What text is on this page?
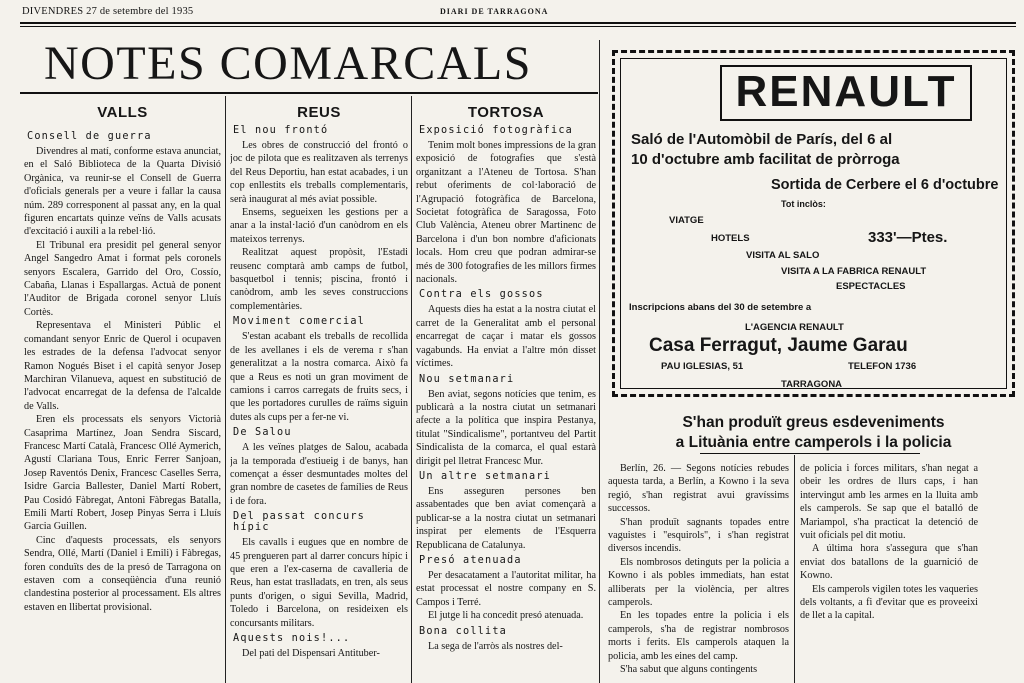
DIVENDRES 27 de setembre del 1935	DIARI DE TARRAGONA
NOTES COMARCALS
VALLS
Consell de guerra

Divendres al matí, conforme estava anunciat, en el Saló Biblioteca de la Quarta Divisió Orgànica, va reunir-se el Consell de Guerra d'oficials generals per a veure i fallar la causa núm. 289 corresponent al passat any, en la qual figuren encartats quinze veïns de Valls acusats d'excitació i auxili a la rebel·lió.

El Tribunal era presidit pel general senyor Angel Sangedro Amat i format pels coronels senyors Escalera, Garrido del Oro, Cossío, Cabaña, Llanas i Espallargas. Actuà de ponent l'Auditor de Brigada coronel senyor Lluís Cortès.

Representava el Ministeri Públic el comandant senyor Enric de Querol i ocupaven les estrades de la defensa l'advocat senyor Ramon Nogués Biset i el capità senyor Josep Marchiran Vilanueva, aquest en substitució de l'advocat encarregat de la defensa de l'alcalde de Valls.

Eren els processats els senyors Victorià Casaprima Martínez, Joan Sendra Siscard, Francesc Martí Català, Francesc Ollé Aymerich, Agustí Clariana Tous, Enric Ferrer Sanjoan, Josep Raventós Denix, Francesc Caselles Serra, Isidre Garcia Ballester, Daniel Martí Robert, Pau Cosidó Fàbregat, Antoni Fàbregas Batalla, Emili Martí Robert, Josep Pinyas Serra i Lluís Garcia Guillen.

Cinc d'aquests processats, els senyors Sendra, Ollé, Martí (Daniel i Emili) i Fàbregas, foren conduïts des de la presó de Tarragona on estaven com a conseqüència d'una reunió clandestina posterior al processament. Els altres estaven en llibertat provisional.

REUS
El nou frontó

Les obres de construcció del frontó o joc de pilota que es realitzaven als terrenys del Reus Deportiu, han estat acabades, i un cop enllestits els treballs complementaris, serà inaugurat al més aviat possible.

Ensems, segueixen les gestions per a anar a la instal·lació d'un canòdrom en els mateixos terrenys.

Realitzat aquest propòsit, l'Estadi reusenc comptarà amb camps de futbol, basquetbol i tennis; piscina, frontó i canòdrom, amb les seves construccions complementàries.

Moviment comercial

S'estan acabant els treballs de recollida de les avellanes i els de verema r s'han generalitzat a la nostra comarca. Això fa que a Reus es noti un gran moviment de camions i carros carregats de fruits secs, i que les portadores curulles de raïms siguin dutes als cups per a fer-ne vi.

De Salou

A les veïnes platges de Salou, acabada ja la temporada d'estiueig i de banys, han començat a ésser desmuntades moltes del gran nombre de casetes de famílies de Reus i de fora.

Del passat concurs hípic

Els cavalls i eugues que en nombre de 45 prengueren part al darrer concurs hípic i que eren a l'ex-caserna de cavalleria de Reus, han estat traslladats, en tren, als seus punts d'origen, o sigui Sevilla, Madrid, Toledo i Barcelona, on resideixen els concursants militars.

Aquests nois!...

Del pati del Dispensari Antituber-

TORTOSA
Exposició fotogràfica

Tenim molt bones impressions de la gran exposició de fotografies que s'està organitzant a l'Ateneu de Tortosa. S'han rebut oferiments de col·laboració de l'Agrupació fotogràfica de Barcelona, Societat fotogràfica de Saragossa, Foto Club València, Ateneu obrer Martinenc de Barcelona i d'un bon nombre d'aficionats locals. Hom creu que podran admirar-se més de 300 fotografies de les millors firmes nacionals.

Contra els gossos

Aquests dies ha estat a la nostra ciutat el carret de la Generalitat amb el personal encarregat de caçar i matar els gossos vagabunds. Ha enviat a l'altre món disset víctimes.

Nou setmanari

Ben aviat, segons notícies que tenim, es publicarà a la nostra ciutat un setmanari afecte a la política que inspira Pestanya, titulat "Sindicalisme", portantveu del Partit Sindicalista de la comarca, el qual estarà dirigit pel lletrat Francesc Mur.

Un altre setmanari

Ens asseguren persones ben assabentades que ben aviat començarà a publicar-se a la nostra ciutat un setmanari inspirat per elements de l'Esquerra Republicana de Catalunya.

Presó atenuada

Per desacatament a l'autoritat militar, ha estat processat el nostre company en S. Campos i Terré.

El jutge li ha concedit presó atenuada.

Bona collita

La sega de l'arròs als nostres del-

RENAULT
Saló de l'Automòbil de París, del 6 al
10 d'octubre amb facilitat de pròrroga
Sortida de Cerbere el 6 d'octubre
Tot inclòs:
VIATGE
HOTELS	333'—Ptes.
VISITA AL SALO
VISITA A LA FABRICA RENAULT
ESPECTACLES
Inscripcions abans del 30 de setembre a
L'AGENCIA RENAULT
Casa Ferragut, Jaume Garau
PAU IGLESIAS, 51	TELEFON 1736
TARRAGONA
S'han produït greus esdeveniments
a Lituània entre camperols i la policia

Berlín, 26. — Segons notícies rebudes aquesta tarda, a Berlín, a Kowno i la seva regió, s'han registrat avui gravíssims successos.

S'han produït sagnants topades entre vaguistes i "esquirols", i s'han registrat diversos incendis.

Els nombrosos detinguts per la policia a Kowno i als pobles immediats, han estat alliberats per la violència, per altres camperols.

En les topades entre la policia i els camperols, s'ha de registrar nombrosos morts i ferits. Els camperols ataquen la policia, amb les eines del camp.

S'ha sabut que alguns contingents

de policia i forces militars, s'han negat a obeir les ordres de llurs caps, i han intervingut amb les armes en la lluita amb els camperols. Se sap que el batalló de Mariampol, s'ha practicat la detenció de vuit oficials pel dit motiu.

A última hora s'assegura que s'han enviat dos batallons de la guarnició de Kowno.

Els camperols vigilen totes les vaqueries dels voltants, a fi d'evitar que es proveeixi de llet a la capital.
